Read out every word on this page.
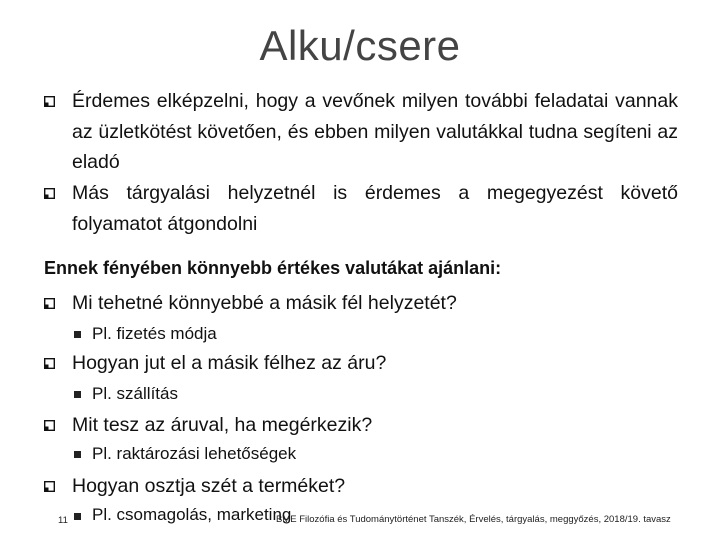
Alku/csere
Érdemes elképzelni, hogy a vevőnek milyen további feladatai vannak az üzletkötést követően, és ebben milyen valutákkal tudna segíteni az eladó
Más tárgyalási helyzetnél is érdemes a megegyezést követő folyamatot átgondolni
Ennek fényében könnyebb értékes valutákat ajánlani:
Mi tehetné könnyebbé a másik fél helyzetét?
Pl. fizetés módja
Hogyan jut el a másik félhez az áru?
Pl. szállítás
Mit tesz az áruval, ha megérkezik?
Pl. raktározási lehetőségek
Hogyan osztja szét a terméket?
Pl. csomagolás, marketing
11	BME Filozófia és Tudománytörténet Tanszék, Érvelés, tárgyalás, meggyőzés, 2018/19. tavasz
